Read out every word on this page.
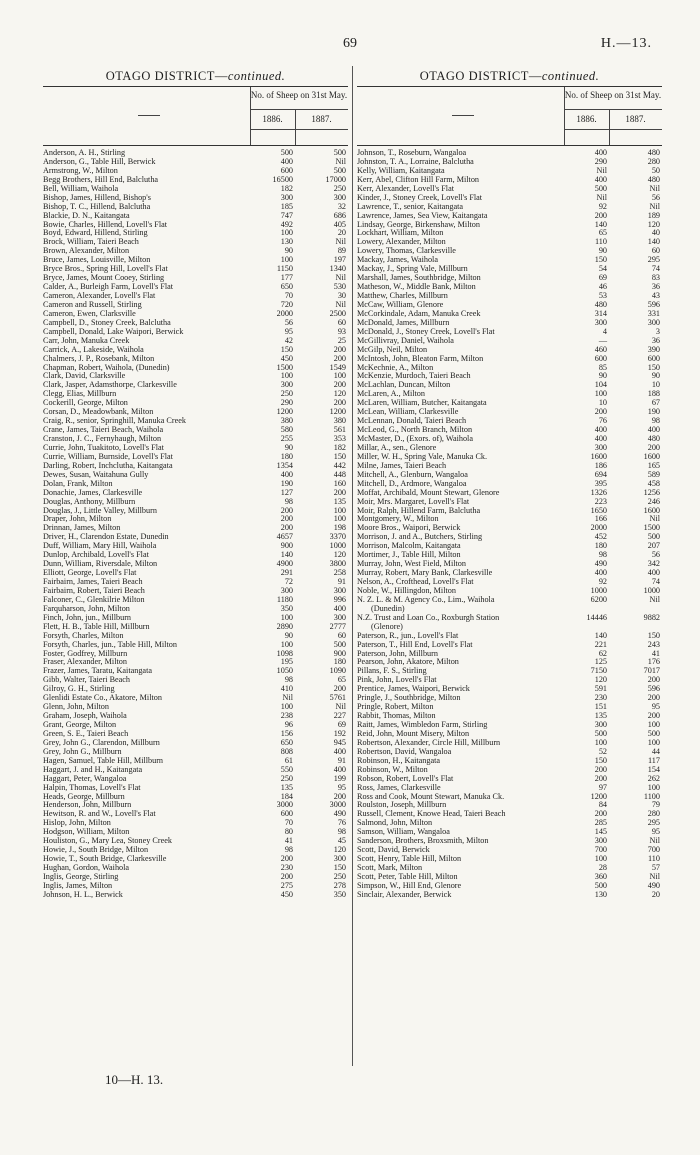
69	H.—13.
OTAGO DISTRICT—continued.
No. of Sheep on 31st May.
1886.	1887.
Anderson, A. H., Stirling	500	500
Anderson, G., Table Hill, Berwick	400	Nil
Armstrong, W., Milton	600	500
Begg Brothers, Hill End, Balclutha	16500	17000
Bell, William, Waihola	182	250
Bishop, James, Hillend, Bishop's	300	300
Bishop, T. C., Hillend, Balclutha	185	32
Blackie, D. N., Kaitangata	747	686
Bowie, Charles, Hillend, Lovell's Flat	492	405
Boyd, Edward, Hillend, Stirling	100	20
Brock, William, Taieri Beach	130	Nil
Brown, Alexander, Milton	90	89
Bruce, James, Louisville, Milton	100	197
Bryce Bros., Spring Hill, Lovell's Flat	1150	1340
Bryce, James, Mount Cooey, Stirling	177	Nil
Calder, A., Burleigh Farm, Lovell's Flat	650	530
Cameron, Alexander, Lovell's Flat	70	30
Cameron and Russell, Stirling	720	Nil
Cameron, Ewen, Clarksville	2000	2500
Campbell, D., Stoney Creek, Balclutha	56	60
Campbell, Donald, Lake Waipori, Berwick	95	93
Carr, John, Manuka Creek	42	25
Carrick, A., Lakeside, Waihola	150	200
Chalmers, J. P., Rosebank, Milton	450	200
Chapman, Robert, Waihola, (Dunedin)	1500	1549
Clark, David, Clarksville	100	100
Clark, Jasper, Adamsthorpe, Clarkesville	300	200
Clegg, Elias, Millburn	250	120
Cockerill, George, Milton	290	200
Corsan, D., Meadowbank, Milton	1200	1200
Craig, R., senior, Springhill, Manuka Creek	380	380
Crane, James, Taieri Beach, Waihola	580	561
Cranston, J. C., Fernyhaugh, Milton	255	353
Currie, John, Tuakitoto, Lovell's Flat	90	182
Currie, William, Burnside, Lovell's Flat	180	150
Darling, Robert, Inchclutha, Kaitangata	1354	442
Dewes, Susan, Waitahuna Gully	400	448
Dolan, Frank, Milton	190	160
Donachie, James, Clarkesville	127	200
Douglas, Anthony, Millburn	98	135
Douglas, J., Little Valley, Millburn	200	100
Draper, John, Milton	200	100
Drinnan, James, Milton	200	198
Driver, H., Clarendon Estate, Dunedin	4657	3370
Duff, William, Mary Hill, Waihola	900	1000
Dunlop, Archibald, Lovell's Flat	140	120
Dunn, William, Riversdale, Milton	4900	3800
Elliott, George, Lovell's Flat	291	258
Fairbairn, James, Taieri Beach	72	91
Fairbairn, Robert, Taieri Beach	300	300
Falconer, C., Glenkilrie Milton	1180	996
Farquharson, John, Milton	350	400
Finch, John, jun., Millburn	100	300
Flett, H. B., Table Hill, Millburn	2890	2777
Forsyth, Charles, Milton	90	60
Forsyth, Charles, jun., Table Hill, Milton	100	500
Foster, Godfrey, Millburn	1098	900
Fraser, Alexander, Milton	195	180
Frazer, James, Taratu, Kaitangata	1050	1090
Gibb, Walter, Taieri Beach	98	65
Gilroy, G. H., Stirling	410	200
Glenlidi Estate Co., Akatore, Milton	Nil	5761
Glenn, John, Milton	100	Nil
Graham, Joseph, Waihola	238	227
Grant, George, Milton	96	69
Green, S. E., Taieri Beach	156	192
Grey, John G., Clarendon, Millburn	650	945
Grey, John G., Millburn	808	400
Hagen, Samuel, Table Hill, Millburn	61	91
Haggart, J. and H., Kaitangata	550	400
Haggart, Peter, Wangaloa	250	199
Halpin, Thomas, Lovell's Flat	135	95
Heads, George, Millburn	184	200
Henderson, John, Millburn	3000	3000
Hewitson, R. and W., Lovell's Flat	600	490
Hislop, John, Milton	70	76
Hodgson, William, Milton	80	98
Houliston, G., Mary Lea, Stoney Creek	41	45
Howie, J., South Bridge, Milton	98	120
Howie, T., South Bridge, Clarkesville	200	300
Hughan, Gordon, Waihola	230	150
Inglis, George, Stirling	200	250
Inglis, James, Milton	275	278
Johnson, H. L., Berwick	450	350
OTAGO DISTRICT—continued.
No. of Sheep on 31st May.
1886.	1887.
Johnson, T., Roseburn, Wangaloa	400	480
Johnston, T. A., Lorraine, Balclutha	290	280
Kelly, William, Kaitangata	Nil	50
Kerr, Abel, Clifton Hill Farm, Milton	400	480
Kerr, Alexander, Lovell's Flat	500	Nil
Kinder, J., Stoney Creek, Lovell's Flat	Nil	56
Lawrence, T., senior, Kaitangata	92	Nil
Lawrence, James, Sea View, Kaitangata	200	189
Lindsay, George, Birkenshaw, Milton	140	120
Lockhart, William, Milton	65	40
Lowery, Alexander, Milton	110	140
Lowery, Thomas, Clarkesville	90	60
Mackay, James, Waihola	150	295
Mackay, J., Spring Vale, Millburn	54	74
Marshall, James, Southbridge, Milton	69	83
Matheson, W., Middle Bank, Milton	46	36
Matthew, Charles, Millburn	53	43
McCaw, William, Glenore	480	596
McCorkindale, Adam, Manuka Creek	314	331
McDonald, James, Millburn	300	300
McDonald, J., Stoney Creek, Lovell's Flat	4	3
McGillivray, Daniel, Waihola	—	36
McGilp, Neil, Milton	460	390
McIntosh, John, Bleaton Farm, Milton	600	600
McKechnie, A., Milton	85	150
McKenzie, Murdoch, Taieri Beach	90	90
McLachlan, Duncan, Milton	104	10
McLaren, A., Milton	100	188
McLaren, William, Butcher, Kaitangata	10	67
McLean, William, Clarkesville	200	190
McLennan, Donald, Taieri Beach	76	98
McLeod, G., North Branch, Milton	400	400
McMaster, D., (Exors. of), Waihola	400	480
Millar, A., sen., Glenore	300	200
Miller, W. H., Spring Vale, Manuka Ck.	1600	1600
Milne, James, Taieri Beach	186	165
Mitchell, A., Glenburn, Wangaloa	694	589
Mitchell, D., Ardmore, Wangaloa	395	458
Moffat, Archibald, Mount Stewart, Glenore	1326	1256
Moir, Mrs. Margaret, Lovell's Flat	223	246
Moir, Ralph, Hillend Farm, Balclutha	1650	1600
Montgomery, W., Milton	166	Nil
Moore Bros., Waipori, Berwick	2000	1500
Morrison, J. and A., Butchers, Stirling	452	500
Morrison, Malcolm, Kaitangata	180	207
Mortimer, J., Table Hill, Milton	98	56
Murray, John, West Field, Milton	490	342
Murray, Robert, Mary Bank, Clarkesville	400	400
Nelson, A., Crofthead, Lovell's Flat	92	74
Noble, W., Hillingdon, Milton	1000	1000
N. Z. L. & M. Agency Co., Lim., Waihola	6200	Nil
(Dunedin)
N.Z. Trust and Loan Co., Roxburgh Station	14446	9882
(Glenore)
Paterson, R., jun., Lovell's Flat	140	150
Paterson, T., Hill End, Lovell's Flat	221	243
Paterson, John, Millburn	62	41
Pearson, John, Akatore, Milton	125	176
Pillans, F. S., Stirling	7150	7017
Pink, John, Lovell's Flat	120	200
Prentice, James, Waipori, Berwick	591	596
Pringle, J., Southbridge, Milton	230	200
Pringle, Robert, Milton	151	95
Rabbit, Thomas, Milton	135	200
Raitt, James, Wimbledon Farm, Stirling	300	100
Reid, John, Mount Misery, Milton	500	500
Robertson, Alexander, Circle Hill, Millburn	100	100
Robertson, David, Wangaloa	52	44
Robinson, H., Kaitangata	150	117
Robinson, W., Milton	200	154
Robson, Robert, Lovell's Flat	200	262
Ross, James, Clarkesville	97	100
Ross and Cook, Mount Stewart, Manuka Ck.	1200	1100
Roulston, Joseph, Millburn	84	79
Russell, Clement, Knowe Head, Taieri Beach	200	280
Salmond, John, Milton	285	295
Samson, William, Wangaloa	145	95
Sanderson, Brothers, Broxsmith, Milton	300	Nil
Scott, David, Berwick	700	700
Scott, Henry, Table Hill, Milton	100	110
Scott, Mark, Milton	28	57
Scott, Peter, Table Hill, Milton	360	Nil
Simpson, W., Hill End, Glenore	500	490
Sinclair, Alexander, Berwick	130	20
10—H. 13.
